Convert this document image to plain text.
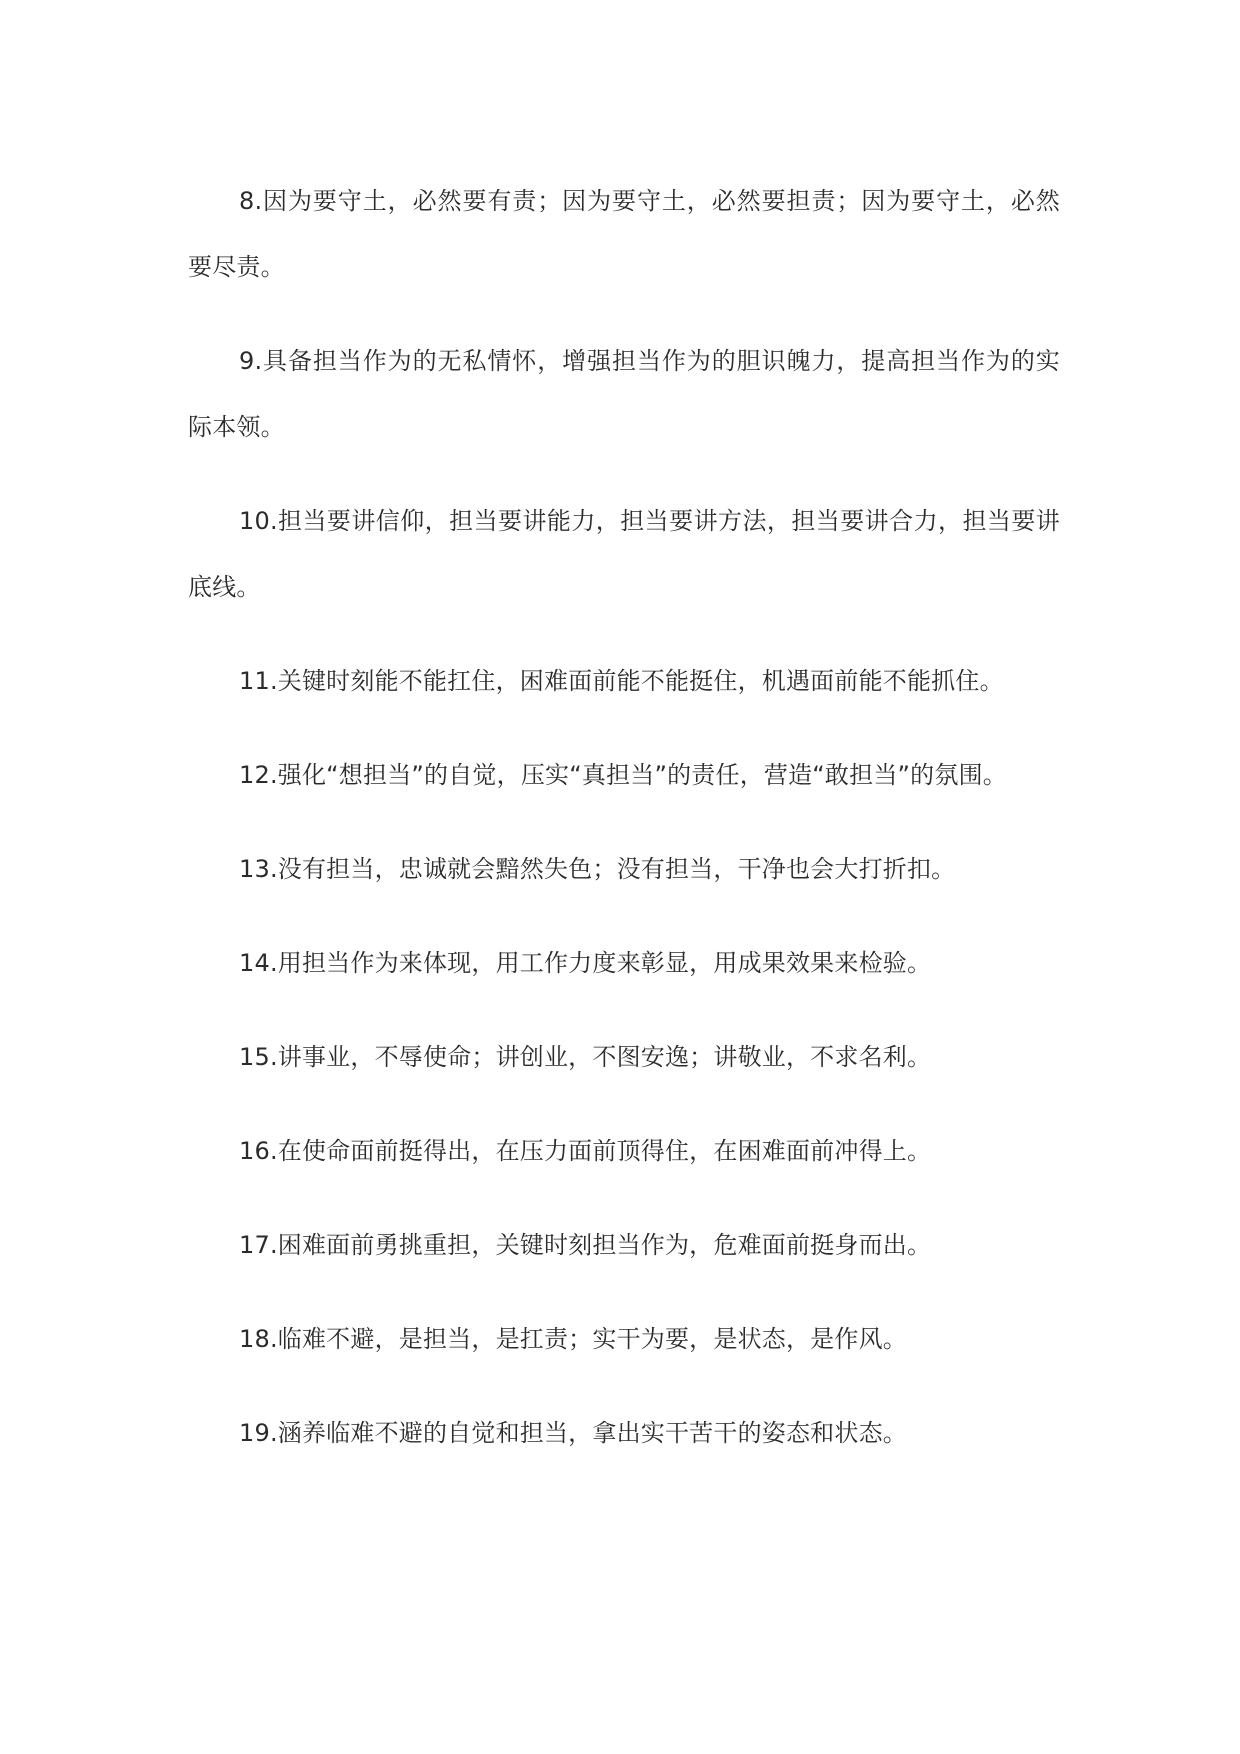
8.因为要守土，必然要有责；因为要守土，必然要担责；因为要守土，必然要尽责。

9.具备担当作为的无私情怀，增强担当作为的胆识魄力，提高担当作为的实际本领。

10.担当要讲信仰，担当要讲能力，担当要讲方法，担当要讲合力，担当要讲底线。

11.关键时刻能不能扛住，困难面前能不能挺住，机遇面前能不能抓住。

12.强化“想担当”的自觉，压实“真担当”的责任，营造“敢担当”的氛围。

13.没有担当，忠诚就会黯然失色；没有担当，干净也会大打折扣。

14.用担当作为来体现，用工作力度来彰显，用成果效果来检验。

15.讲事业，不辱使命；讲创业，不图安逸；讲敬业，不求名利。

16.在使命面前挺得出，在压力面前顶得住，在困难面前冲得上。

17.困难面前勇挑重担，关键时刻担当作为，危难面前挺身而出。

18.临难不避，是担当，是扛责；实干为要，是状态，是作风。

19.涵养临难不避的自觉和担当，拿出实干苦干的姿态和状态。
